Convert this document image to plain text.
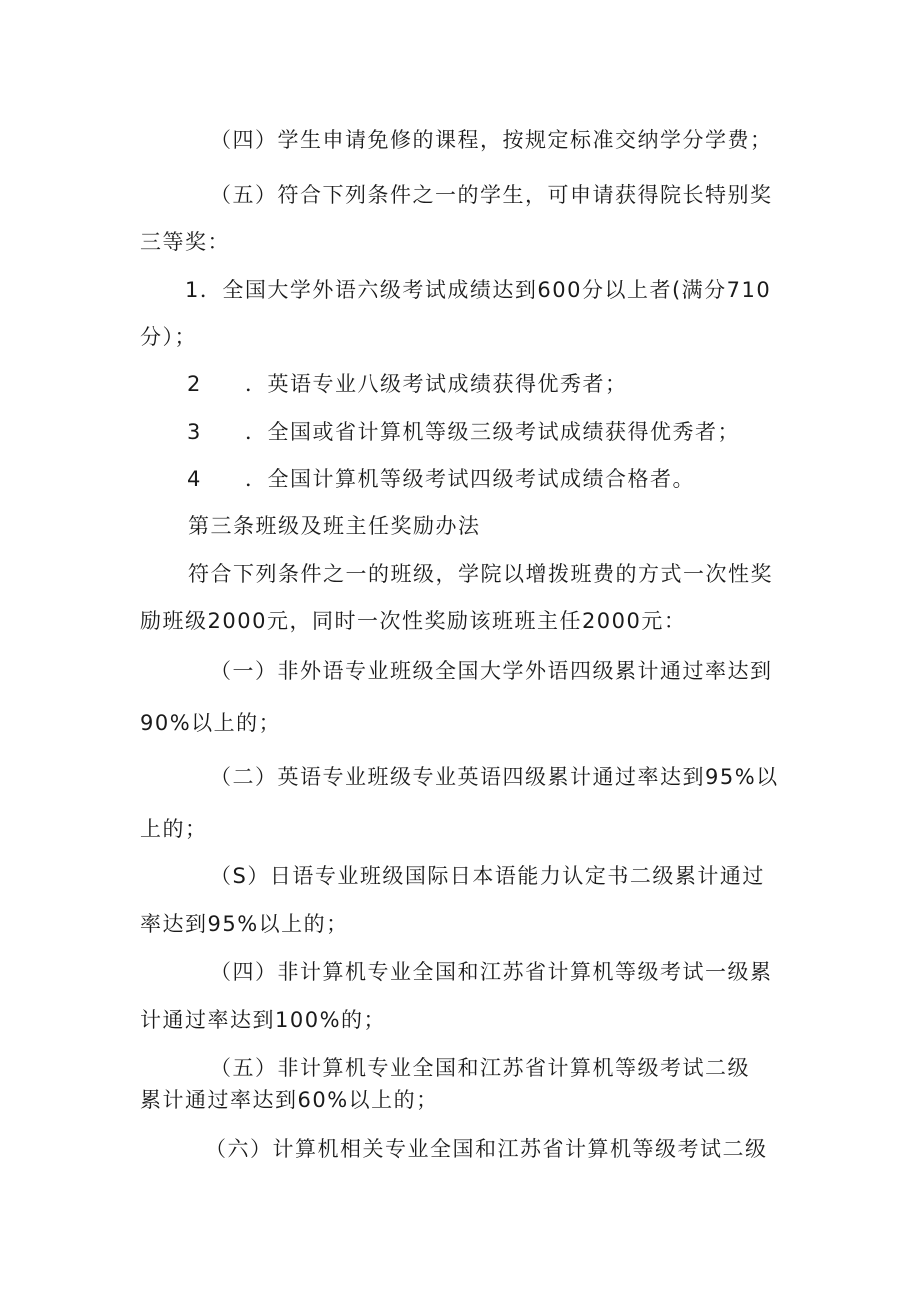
（四）学生申请免修的课程，按规定标准交纳学分学费；

（五）符合下列条件之一的学生，可申请获得院长特别奖

三等奖：

1．全国大学外语六级考试成绩达到600分以上者(满分710

分）；

2 ．英语专业八级考试成绩获得优秀者；

3 ．全国或省计算机等级三级考试成绩获得优秀者；

4 ．全国计算机等级考试四级考试成绩合格者。

第三条班级及班主任奖励办法

符合下列条件之一的班级，学院以增拨班费的方式一次性奖

励班级2000元，同时一次性奖励该班班主任2000元：

（一）非外语专业班级全国大学外语四级累计通过率达到

90%以上的；

（二）英语专业班级专业英语四级累计通过率达到95%以

上的；

（S）日语专业班级国际日本语能力认定书二级累计通过

率达到95%以上的；

（四）非计算机专业全国和江苏省计算机等级考试一级累

计通过率达到100%的；

（五）非计算机专业全国和江苏省计算机等级考试二级

累计通过率达到60%以上的；

（六）计算机相关专业全国和江苏省计算机等级考试二级
